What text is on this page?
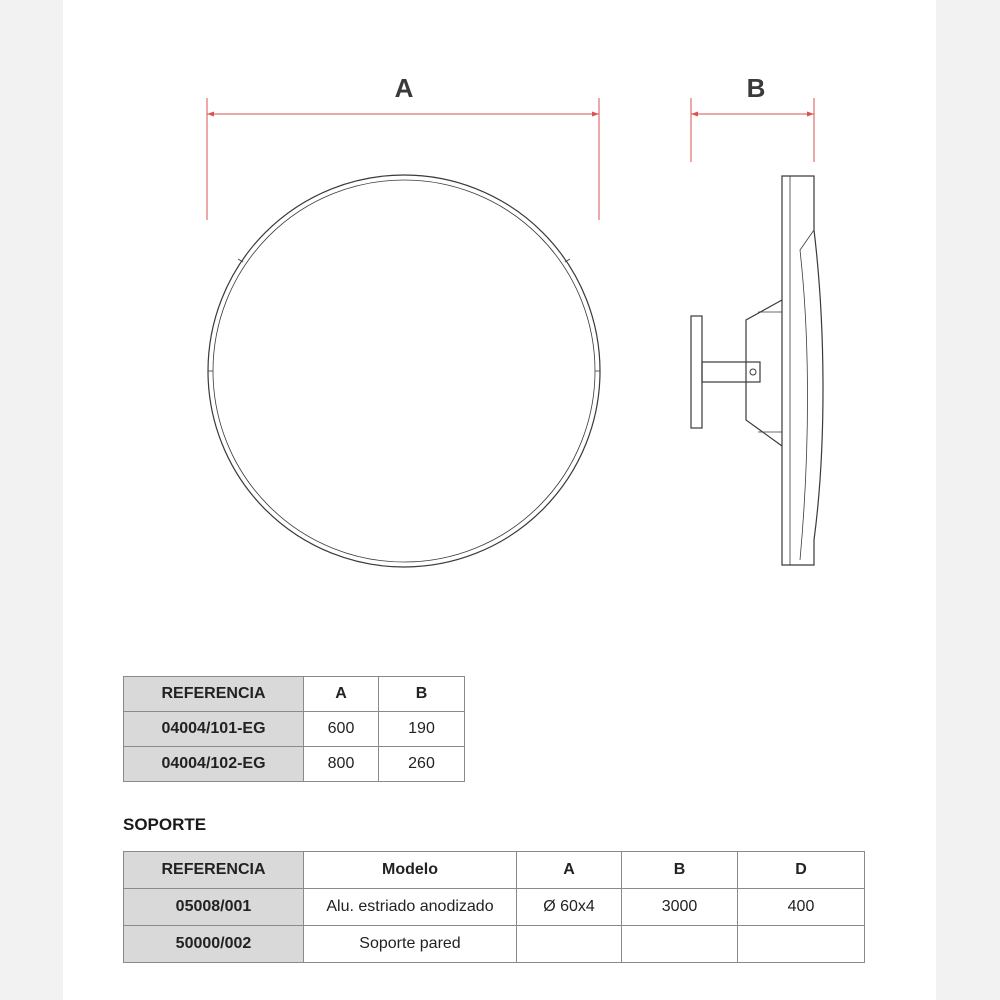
A	B
REFERENCIA	A	B
04004/101-EG	600	190
04004/102-EG	800	260
SOPORTE
REFERENCIA	Modelo	A	B	D
05008/001	Alu. estriado anodizado	Ø 60x4	3000	400
50000/002	Soporte pared			
